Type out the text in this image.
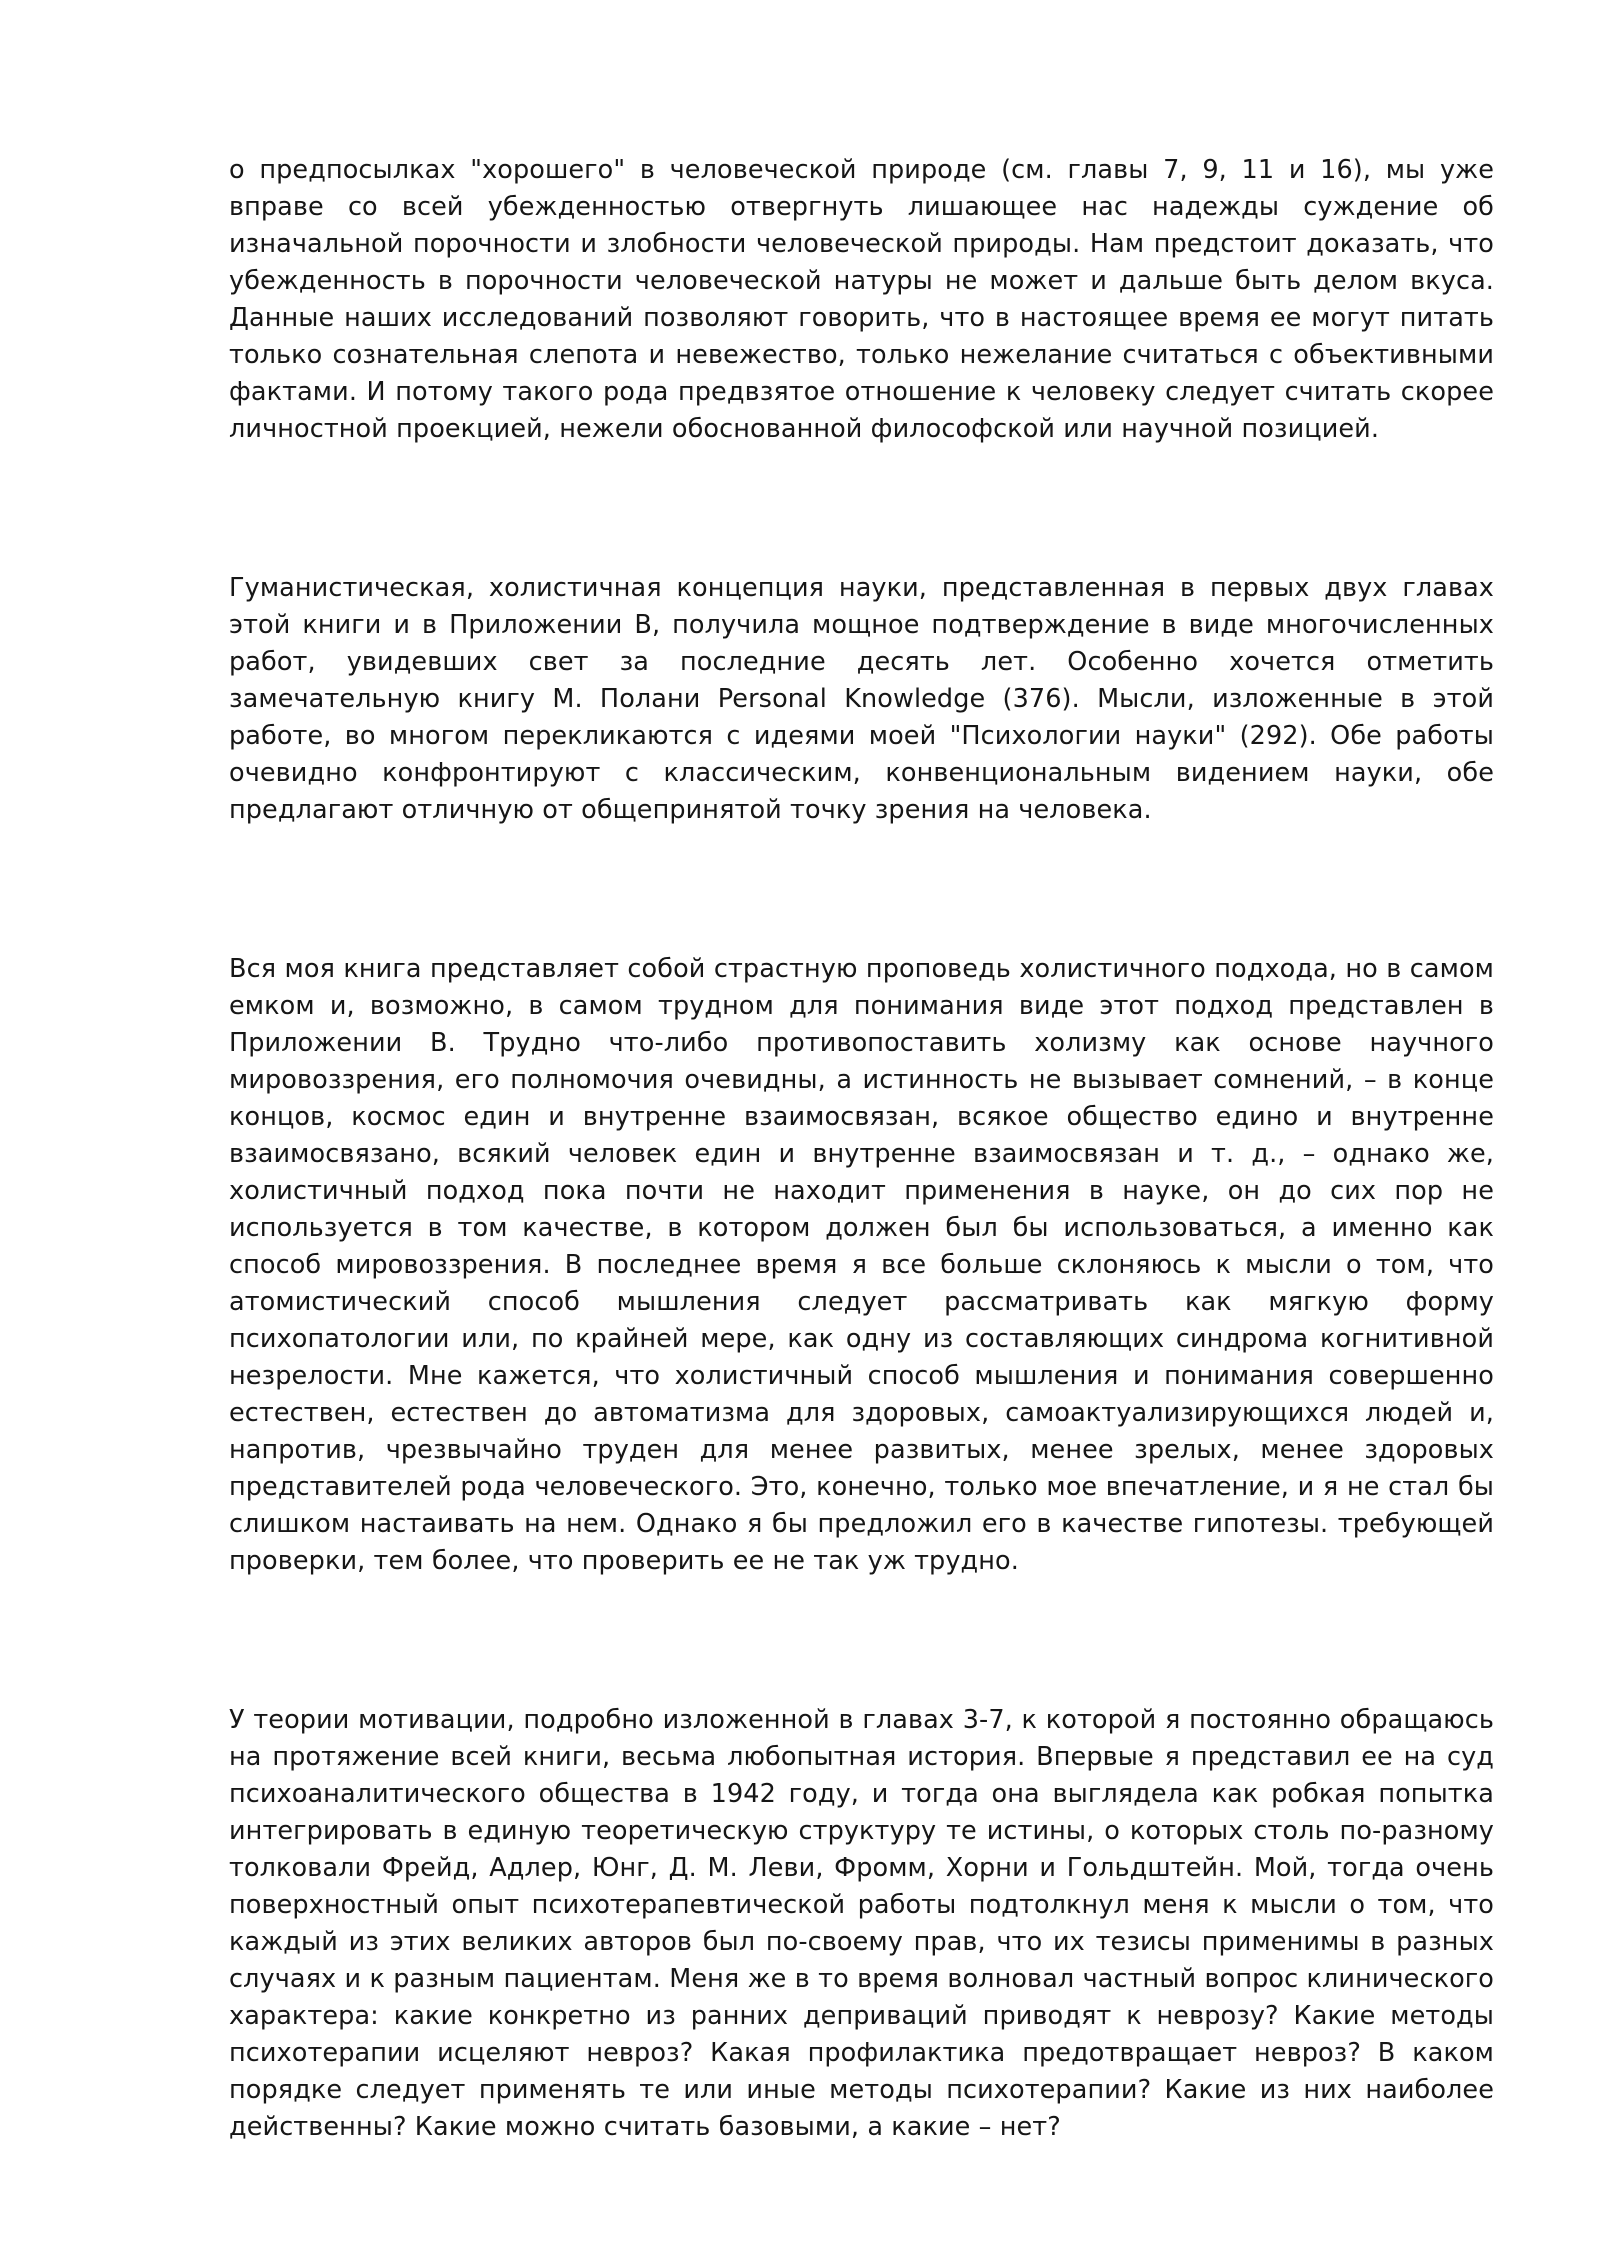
о предпосылках "хорошего" в человеческой природе (см. главы 7, 9, 11 и 16), мы уже вправе со всей убежденностью отвергнуть лишающее нас надежды суждение об изначальной порочности и злобности человеческой природы. Нам предстоит доказать, что убежденность в порочности человеческой натуры не может и дальше быть делом вкуса. Данные наших исследований позволяют говорить, что в настоящее время ее могут питать только сознательная слепота и невежество, только нежелание считаться с объективными фактами. И потому такого рода предвзятое отношение к человеку следует считать скорее личностной проекцией, нежели обоснованной философской или научной позицией.

Гуманистическая, холистичная концепция науки, представленная в первых двух главах этой книги и в Приложении В, получила мощное подтверждение в виде многочисленных работ, увидевших свет за последние десять лет. Особенно хочется отметить замечательную книгу М. Полани Personal Knowledge (376). Мысли, изложенные в этой работе, во многом перекликаются с идеями моей "Психологии науки" (292). Обе работы очевидно конфронтируют с классическим, конвенциональным видением науки, обе предлагают отличную от общепринятой точку зрения на человека.

Вся моя книга представляет собой страстную проповедь холистичного подхода, но в самом емком и, возможно, в самом трудном для понимания виде этот подход представлен в Приложении В. Трудно что-либо противопоставить холизму как основе научного мировоззрения, его полномочия очевидны, а истинность не вызывает сомнений, – в конце концов, космос един и внутренне взаимосвязан, всякое общество едино и внутренне взаимосвязано, всякий человек един и внутренне взаимосвязан и т. д., – однако же, холистичный подход пока почти не находит применения в науке, он до сих пор не используется в том качестве, в котором должен был бы использоваться, а именно как способ мировоззрения. В последнее время я все больше склоняюсь к мысли о том, что атомистический способ мышления следует рассматривать как мягкую форму психопатологии или, по крайней мере, как одну из составляющих синдрома когнитивной незрелости. Мне кажется, что холистичный способ мышления и понимания совершенно естествен, естествен до автоматизма для здоровых, самоактуализирующихся людей и, напротив, чрезвычайно труден для менее развитых, менее зрелых, менее здоровых представителей рода человеческого. Это, конечно, только мое впечатление, и я не стал бы слишком настаивать на нем. Однако я бы предложил его в качестве гипотезы. требующей проверки, тем более, что проверить ее не так уж трудно.

У теории мотивации, подробно изложенной в главах 3-7, к которой я постоянно обращаюсь на протяжение всей книги, весьма любопытная история. Впервые я представил ее на суд психоаналитического общества в 1942 году, и тогда она выглядела как робкая попытка интегрировать в единую теоретическую структуру те истины, о которых столь по-разному толковали Фрейд, Адлер, Юнг, Д. М. Леви, Фромм, Хорни и Гольдштейн. Мой, тогда очень поверхностный опыт психотерапевтической работы подтолкнул меня к мысли о том, что каждый из этих великих авторов был по-своему прав, что их тезисы применимы в разных случаях и к разным пациентам. Меня же в то время волновал частный вопрос клинического характера: какие конкретно из ранних деприваций приводят к неврозу? Какие методы психотерапии исцеляют невроз? Какая профилактика предотвращает невроз? В каком порядке следует применять те или иные методы психотерапии? Какие из них наиболее действенны? Какие можно считать базовыми, а какие – нет?
